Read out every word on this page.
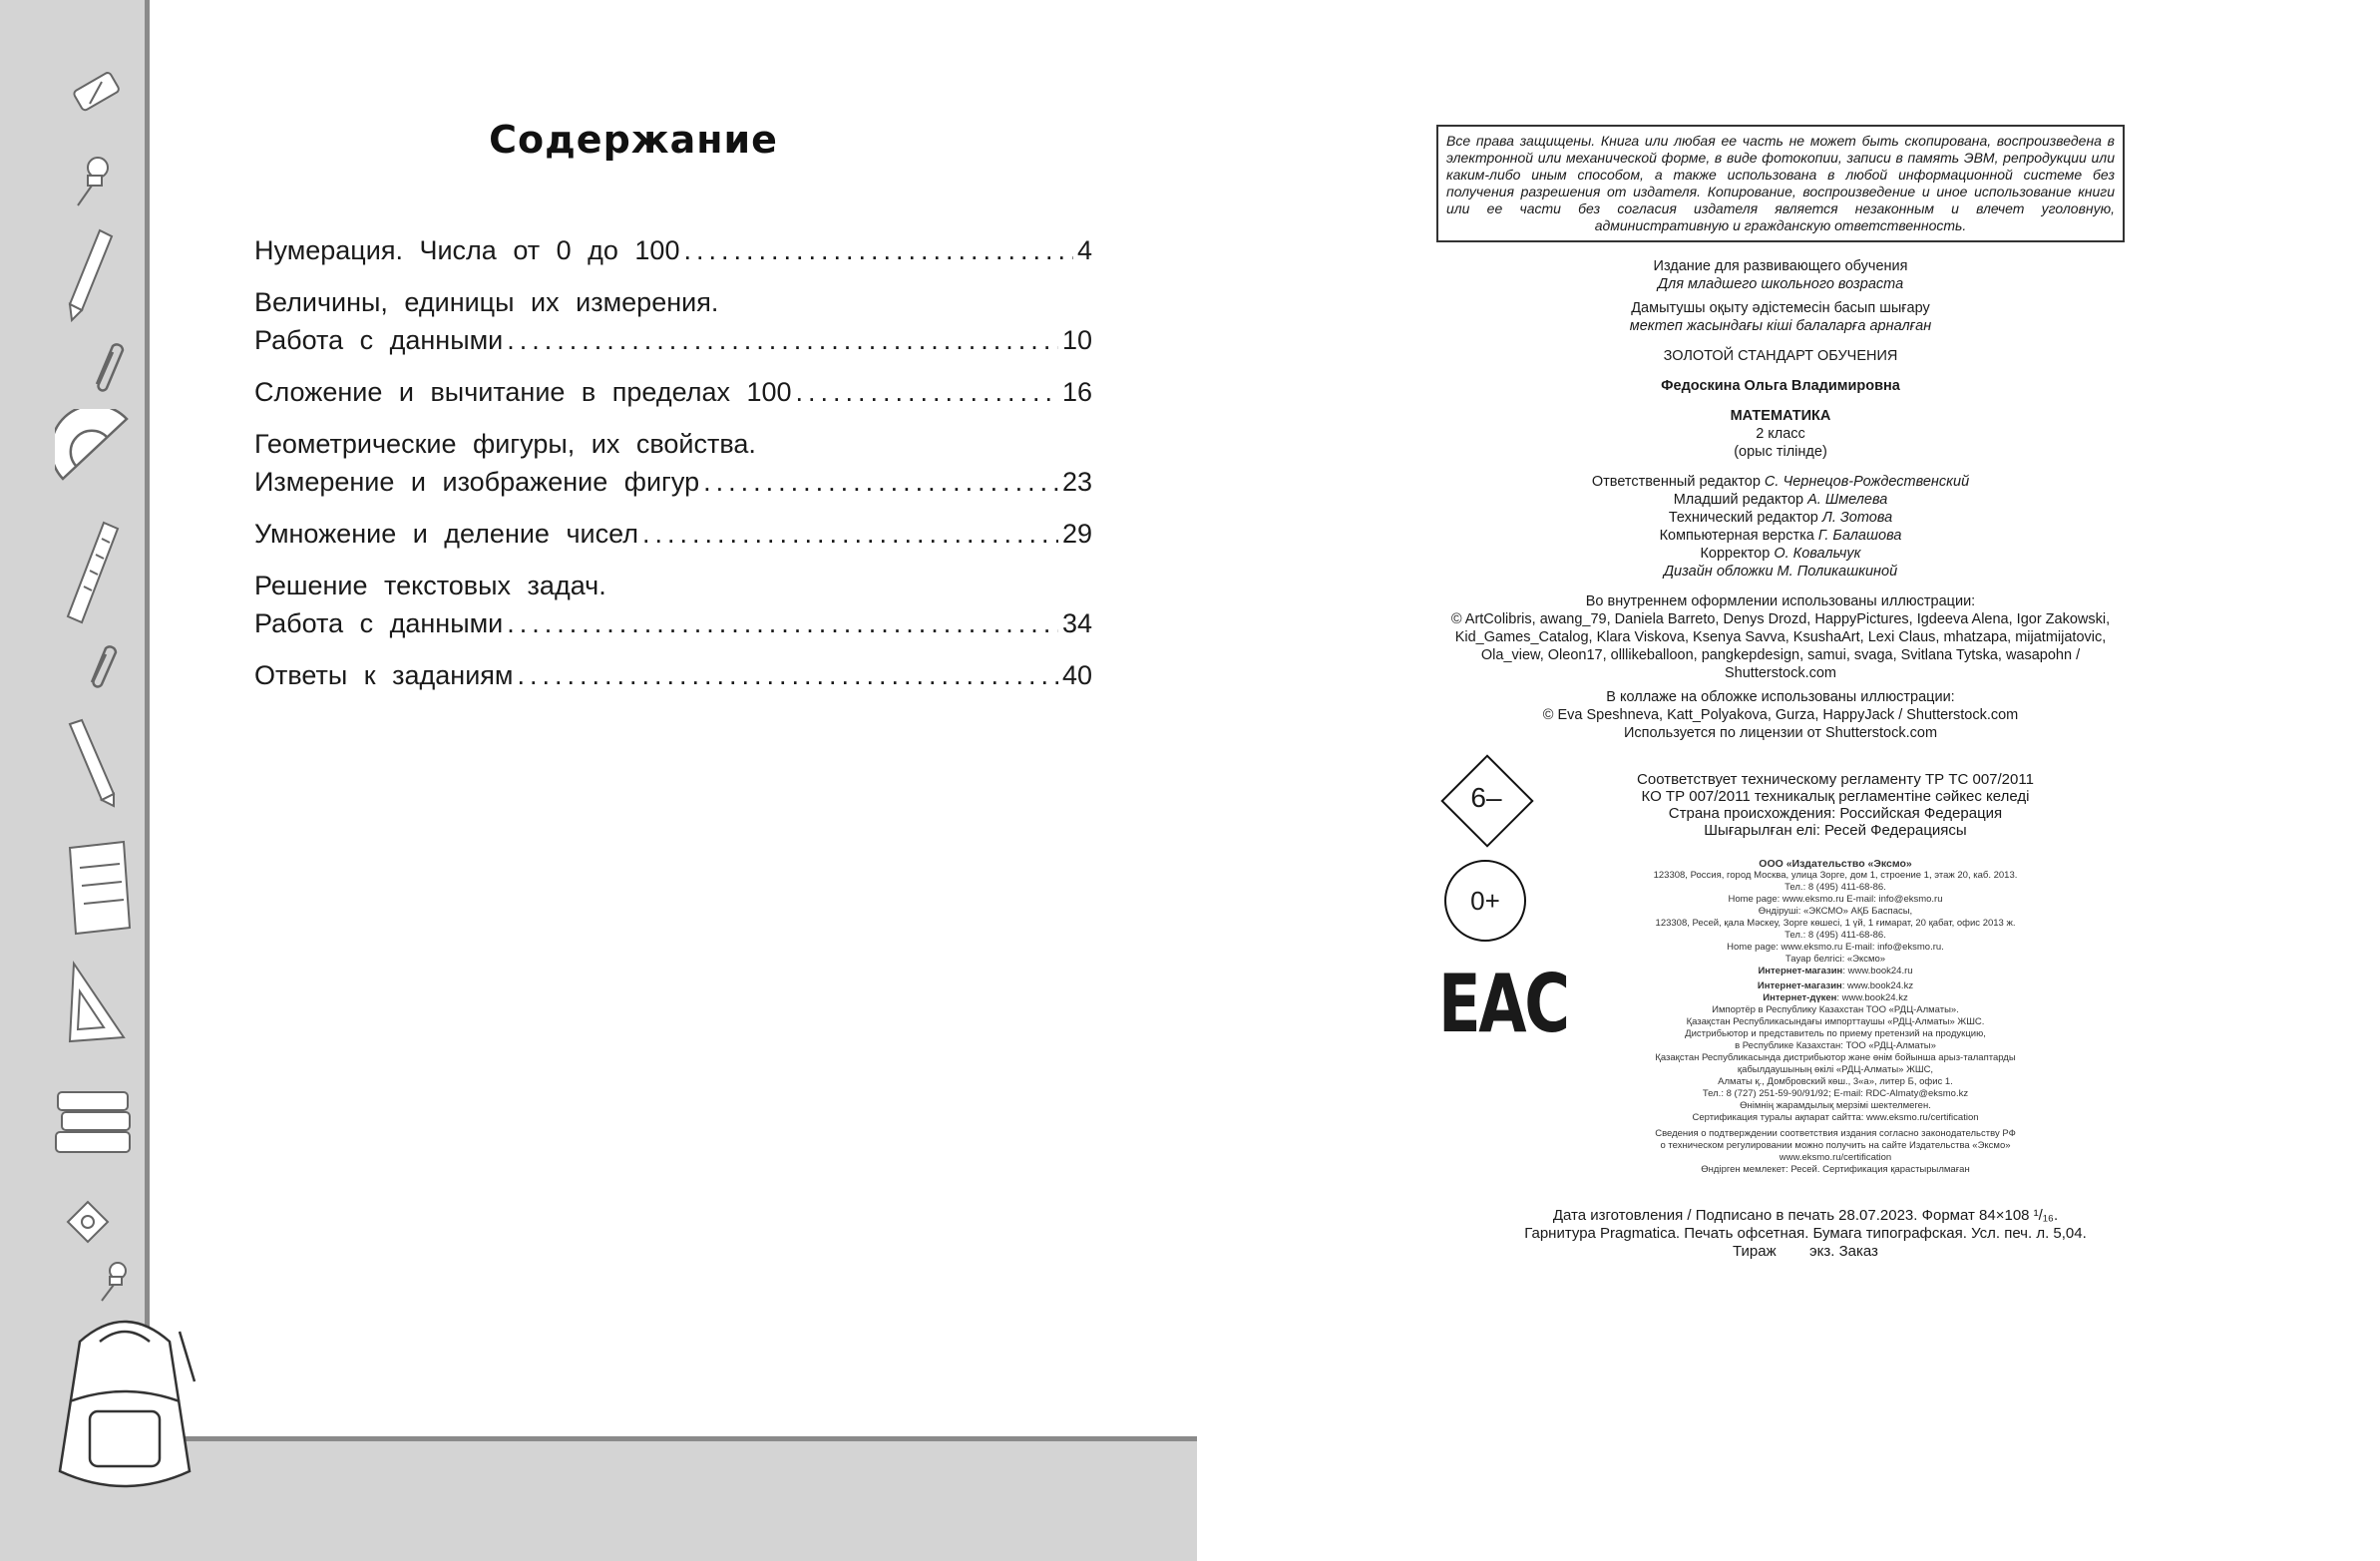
Содержание
Нумерация. Числа от 0 до 100 .....	4
Величины, единицы их измерения.
Работа с данными .....	10
Сложение и вычитание в пределах 100 .....	16
Геометрические фигуры, их свойства.
Измерение и изображение фигур .....	23
Умножение и деление чисел .....	29
Решение текстовых задач.
Работа с данными .....	34
Ответы к заданиям .....	40
Все права защищены. Книга или любая ее часть не может быть скопирована, воспроизведена в электронной или механической форме, в виде фотокопии, записи в память ЭВМ, репродукции или каким-либо иным способом, а также использована в любой информационной системе без получения разрешения от издателя. Копирование, воспроизведение и иное использование книги или ее части без согласия издателя является незаконным и влечет уголовную, административную и гражданскую ответственность.

Издание для развивающего обучения

Для младшего школьного возраста

Дамытушы оқыту әдістемесін басып шығару

мектеп жасындағы кіші балаларға арналған

ЗОЛОТОЙ СТАНДАРТ ОБУЧЕНИЯ

Федоскина Ольга Владимировна

МАТЕМАТИКА

2 класс

(орыс тілінде)

Ответственный редактор С. Чернецов-Рождественский

Младший редактор А. Шмелева

Технический редактор Л. Зотова

Компьютерная верстка Г. Балашова

Корректор О. Ковальчук

Дизайн обложки М. Поликашкиной

Во внутреннем оформлении использованы иллюстрации:

© ArtColibris, awang_79, Daniela Barreto, Denys Drozd, HappyPictures, Igdeeva Alena, Igor Zakowski, Kid_Games_Catalog, Klara Viskova, Ksenya Savva, KsushaArt, Lexi Claus, mhatzapa, mijatmijatovic, Ola_view, Oleon17, olllikeballoon, pangkepdesign, samui, svaga, Svitlana Tytska, wasapohn / Shutterstock.com

В коллаже на обложке использованы иллюстрации:

© Eva Speshneva, Katt_Polyakova, Gurza, HappyJack / Shutterstock.com

Используется по лицензии от Shutterstock.com

6–
0+
EAC
Соответствует техническому регламенту ТР ТС 007/2011
КО ТР 007/2011 техникалық регламентіне сәйкес келеді
Страна происхождения: Российская Федерация
Шығарылған елі: Ресей Федерациясы
ООО «Издательство «Эксмо»
123308, Россия, город Москва, улица Зорге, дом 1, строение 1, этаж 20, каб. 2013.
Тел.: 8 (495) 411-68-86.
Home page: www.eksmo.ru E-mail: info@eksmo.ru
Өндіруші: «ЭКСМО» АҚБ Баспасы,
123308, Ресей, қала Мәскеу, Зорге көшесі, 1 үй, 1 ғимарат, 20 қабат, офис 2013 ж.
Тел.: 8 (495) 411-68-86.
Home page: www.eksmo.ru E-mail: info@eksmo.ru.
Тауар белгісі: «Эксмо»
Интернет-магазин: www.book24.ru
Интернет-магазин: www.book24.kz
Интернет-дүкен: www.book24.kz
Импортёр в Республику Казахстан ТОО «РДЦ-Алматы».
Қазақстан Республикасындағы импорттаушы «РДЦ-Алматы» ЖШС.
Дистрибьютор и представитель по приему претензий на продукцию,
в Республике Казахстан: ТОО «РДЦ-Алматы»
Қазақстан Республикасында дистрибьютор және өнім бойынша арыз-талаптарды
қабылдаушының өкілі «РДЦ-Алматы» ЖШС,
Алматы қ., Домбровский көш., 3«а», литер Б, офис 1.
Тел.: 8 (727) 251-59-90/91/92; E-mail: RDC-Almaty@eksmo.kz
Өнімнің жарамдылық мерзімі шектелмеген.
Сертификация туралы ақпарат сайтта: www.eksmo.ru/certification
Сведения о подтверждении соответствия издания согласно законодательству РФ
о техническом регулировании можно получить на сайте Издательства «Эксмо»
www.eksmo.ru/certification
Өндірген мемлекет: Ресей. Сертификация қарастырылмаған
Дата изготовления / Подписано в печать 28.07.2023. Формат 84×108 ¹/₁₆.
Гарнитура Pragmatica. Печать офсетная. Бумага типографская. Усл. печ. л. 5,04.
Тираж        экз. Заказ
